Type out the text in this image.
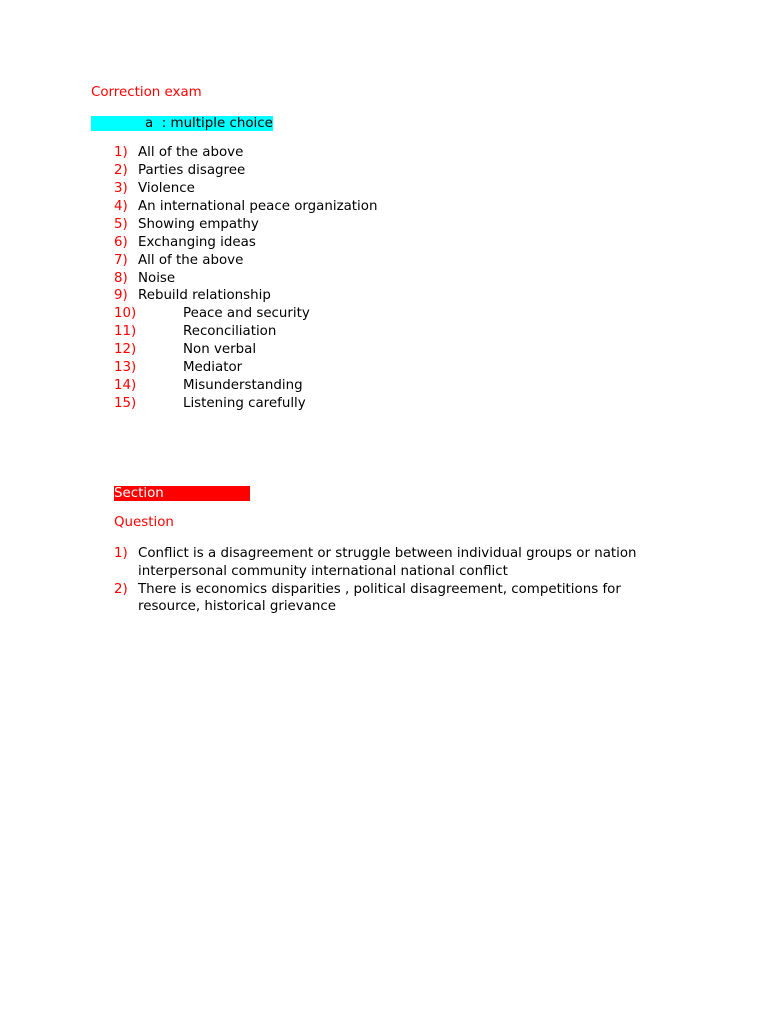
Correction exam
Section a  : multiple choice
1) All of the above
2) Parties disagree
3) Violence
4) An international peace organization
5) Showing empathy
6) Exchanging ideas
7) All of the above
8) Noise
9) Rebuild relationship
10)	Peace and security
11)	Reconciliation
12)	Non verbal
13)	Mediator
14)	Misunderstanding
15)	Listening carefully
Section b  structural
Question
1) Conflict is a disagreement or struggle between individual groups or nation
interpersonal community international national conflict
2) There is economics disparities , political disagreement, competitions for
resource, historical grievance
